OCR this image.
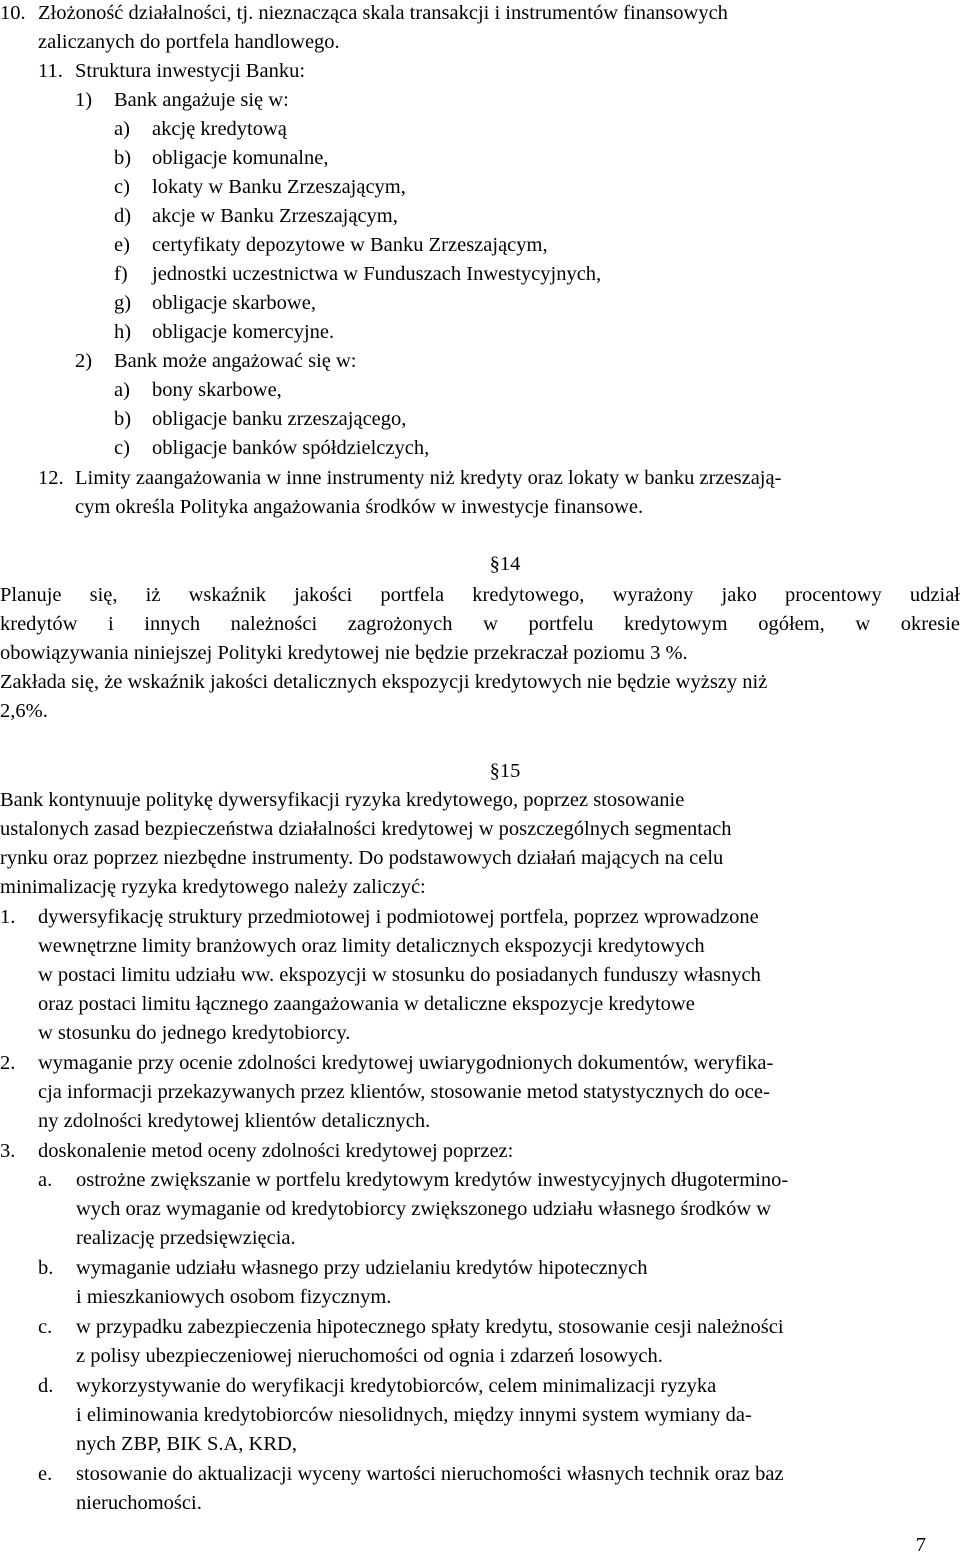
10. Złożoność działalności, tj. nieznacząca skala transakcji i instrumentów finansowych
zaliczanych do portfela handlowego.
11. Struktura inwestycji Banku:
1) Bank angażuje się w:
a) akcję kredytową
b) obligacje komunalne,
c) lokaty w Banku Zrzeszającym,
d) akcje w Banku Zrzeszającym,
e) certyfikaty depozytowe w Banku Zrzeszającym,
f) jednostki uczestnictwa w Funduszach Inwestycyjnych,
g) obligacje skarbowe,
h) obligacje komercyjne.
2) Bank może angażować się w:
a) bony skarbowe,
b) obligacje banku zrzeszającego,
c) obligacje banków spółdzielczych,
12. Limity zaangażowania w inne instrumenty niż kredyty oraz lokaty w banku zrzeszają-
cym określa Polityka angażowania środków w inwestycje finansowe.
§14
Planuje się, iż wskaźnik jakości portfela kredytowego, wyrażony jako procentowy udział
kredytów i innych należności zagrożonych w portfelu kredytowym ogółem, w okresie
obowiązywania niniejszej Polityki kredytowej nie będzie przekraczał poziomu 3 %.
Zakłada się, że wskaźnik jakości detalicznych ekspozycji kredytowych nie będzie wyższy niż
2,6%.
§15
Bank kontynuuje politykę dywersyfikacji ryzyka kredytowego, poprzez stosowanie
ustalonych zasad bezpieczeństwa działalności kredytowej w poszczególnych segmentach
rynku oraz poprzez niezbędne instrumenty. Do podstawowych działań mających na celu
minimalizację ryzyka kredytowego należy zaliczyć:
1. dywersyfikację struktury przedmiotowej i podmiotowej portfela, poprzez wprowadzone
wewnętrzne limity branżowych oraz limity detalicznych ekspozycji kredytowych
w postaci limitu udziału ww. ekspozycji w stosunku do posiadanych funduszy własnych
oraz postaci limitu łącznego zaangażowania w detaliczne ekspozycje kredytowe
w stosunku do jednego kredytobiorcy.
2. wymaganie przy ocenie zdolności kredytowej uwiarygodnionych dokumentów, weryfika-
cja informacji przekazywanych przez klientów, stosowanie metod statystycznych do oce-
ny zdolności kredytowej klientów detalicznych.
3. doskonalenie metod oceny zdolności kredytowej poprzez:
a. ostrożne zwiększanie w portfelu kredytowym kredytów inwestycyjnych długotermino-
wych oraz wymaganie od kredytobiorcy zwiększonego udziału własnego środków w
realizację przedsięwzięcia.
b. wymaganie udziału własnego przy udzielaniu kredytów hipotecznych
i mieszkaniowych osobom fizycznym.
c. w przypadku zabezpieczenia hipotecznego spłaty kredytu, stosowanie cesji należności
z polisy ubezpieczeniowej nieruchomości od ognia i zdarzeń losowych.
d. wykorzystywanie do weryfikacji kredytobiorców, celem minimalizacji ryzyka
i eliminowania kredytobiorców niesolidnych, między innymi system wymiany da-
nych ZBP, BIK S.A, KRD,
e. stosowanie do aktualizacji wyceny wartości nieruchomości własnych technik oraz baz
nieruchomości.
7
